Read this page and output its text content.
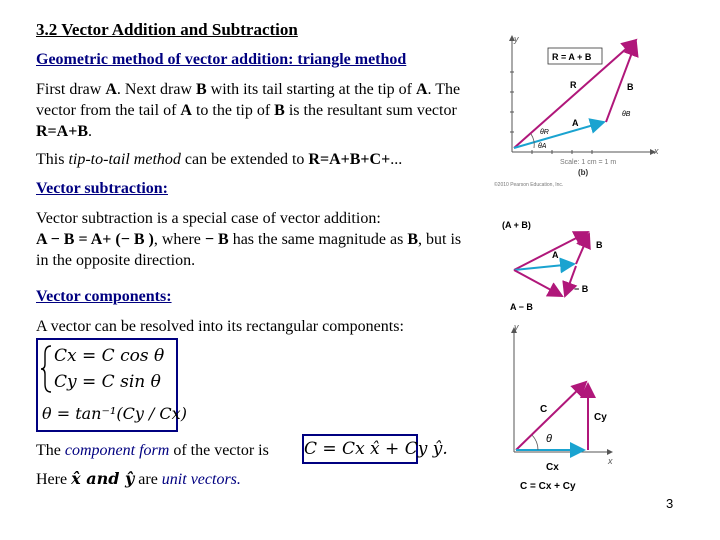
3.2 Vector Addition and Subtraction
Geometric method of vector addition: triangle method
First draw A. Next draw B with its tail starting at the tip of A. The vector from the tail of A to the tip of B is the resultant sum vector R=A+B.
This tip-to-tail method can be extended to R=A+B+C+...
Vector subtraction:
Vector subtraction is a special case of vector addition:
A − B = A+ (− B ), where − B has the same magnitude as B, but is in the opposite direction.
Vector components:
A vector can be resolved into its rectangular components:
Cx = C cos θ
Cy = C sin θ
θ = tan⁻¹(Cy / Cx)
The component form of the vector is C = Cx x̂ + Cy ŷ.
Here x̂ and ŷ are unit vectors.
y
x
R = A + B
R
A
B
θR
θA
θB
Scale: 1 cm = 1 m
(b)
©2010 Pearson Education, Inc.
(A + B)
B
A
− B
A − B
y
x
C
Cy
Cx
θ
C = Cx + Cy
3
